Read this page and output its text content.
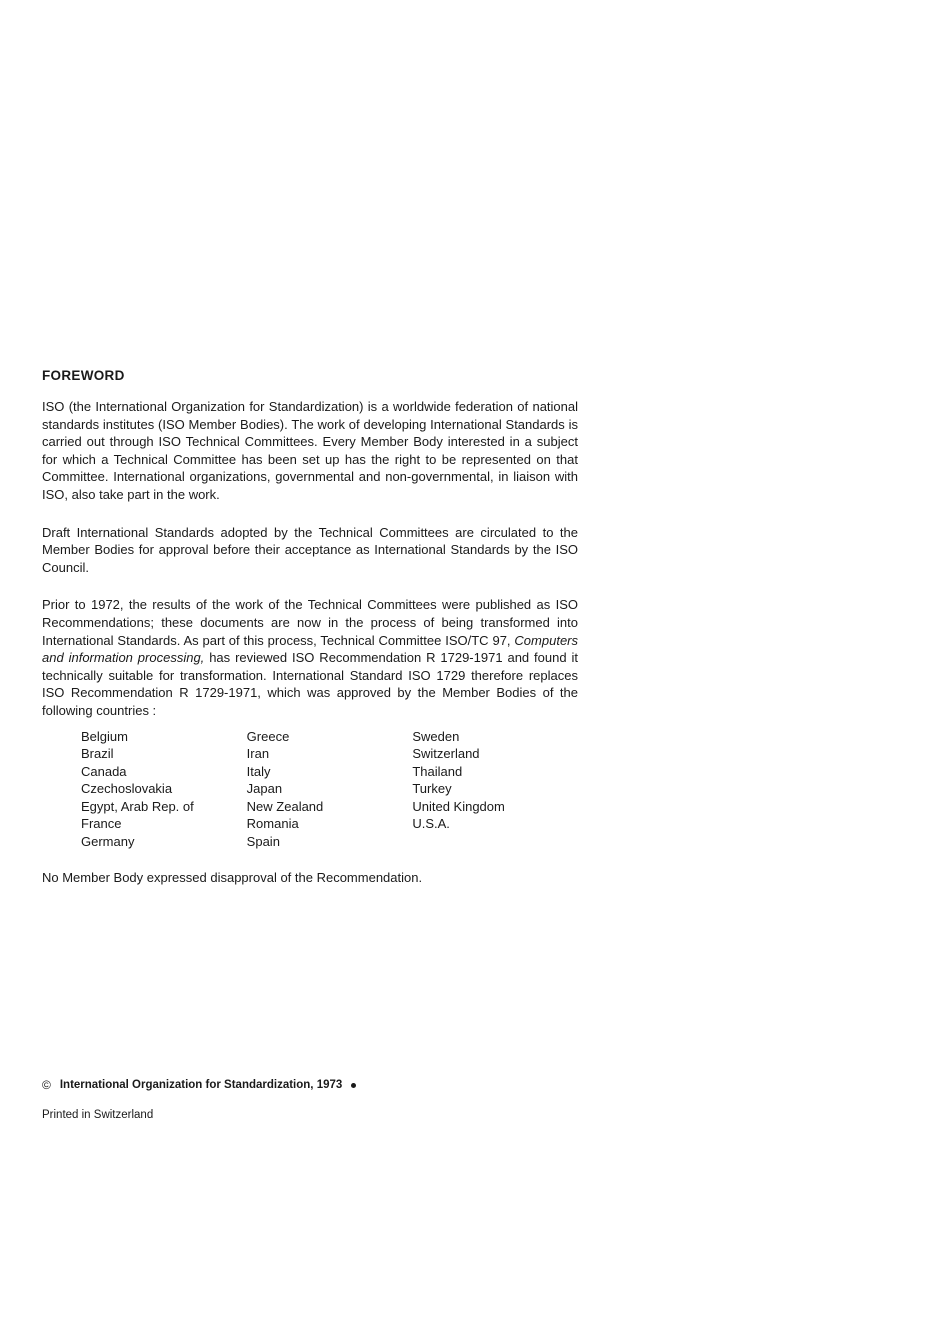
FOREWORD

ISO (the International Organization for Standardization) is a worldwide federation of national standards institutes (ISO Member Bodies). The work of developing International Standards is carried out through ISO Technical Committees. Every Member Body interested in a subject for which a Technical Committee has been set up has the right to be represented on that Committee. International organizations, governmental and non-governmental, in liaison with ISO, also take part in the work.

Draft International Standards adopted by the Technical Committees are circulated to the Member Bodies for approval before their acceptance as International Standards by the ISO Council.

Prior to 1972, the results of the work of the Technical Committees were published as ISO Recommendations; these documents are now in the process of being transformed into International Standards. As part of this process, Technical Committee ISO/TC 97, Computers and information processing, has reviewed ISO Recommendation R 1729-1971 and found it technically suitable for transformation. International Standard ISO 1729 therefore replaces ISO Recommendation R 1729-1971, which was approved by the Member Bodies of the following countries :

Belgium
Brazil
Canada
Czechoslovakia
Egypt, Arab Rep. of
France
Germany
Greece
Iran
Italy
Japan
New Zealand
Romania
Spain
Sweden
Switzerland
Thailand
Turkey
United Kingdom
U.S.A.

No Member Body expressed disapproval of the Recommendation.

© International Organization for Standardization, 1973
Printed in Switzerland
